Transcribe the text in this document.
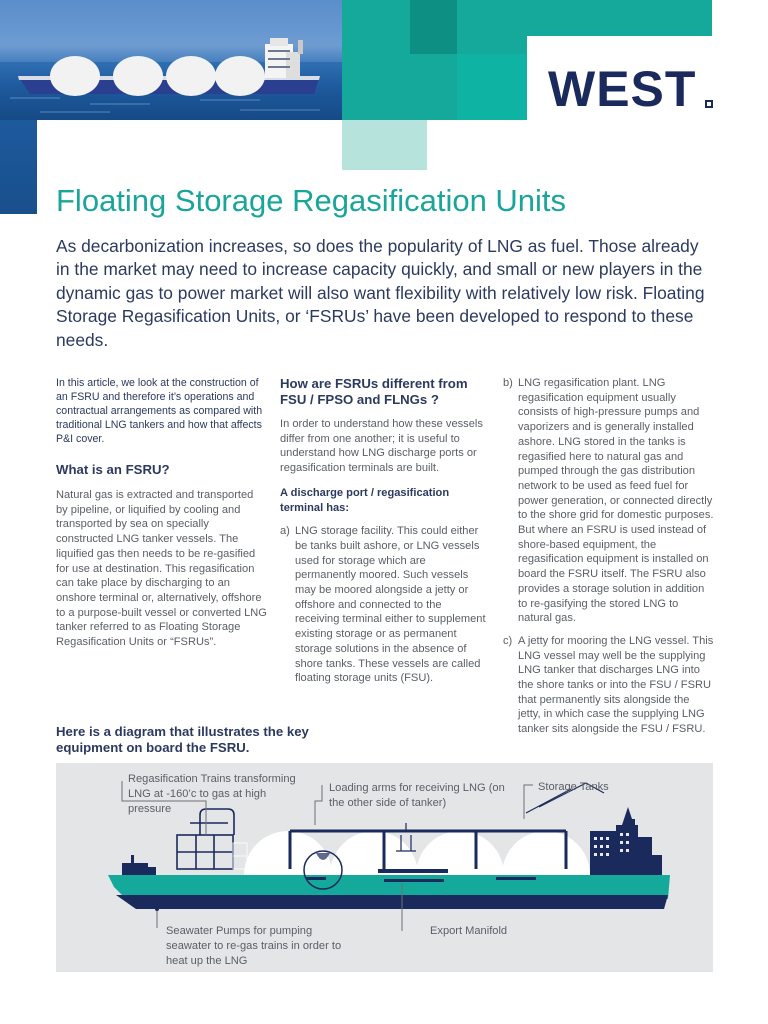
WEST
Floating Storage Regasification Units

As decarbonization increases, so does the popularity of LNG as fuel. Those already in the market may need to increase capacity quickly, and small or new players in the dynamic gas to power market will also want flexibility with relatively low risk. Floating Storage Regasification Units, or ‘FSRUs’ have been developed to respond to these needs.

In this article, we look at the construction of an FSRU and therefore it’s operations and contractual arrangements as compared with traditional LNG tankers and how that affects P&I cover.

What is an FSRU?

Natural gas is extracted and transported by pipeline, or liquified by cooling and transported by sea on specially constructed LNG tanker vessels. The liquified gas then needs to be re-gasified for use at destination. This regasification can take place by discharging to an onshore terminal or, alternatively, offshore to a purpose-built vessel or converted LNG tanker referred to as Floating Storage Regasification Units or “FSRUs”.

How are FSRUs different from FSU / FPSO and FLNGs ?

In order to understand how these vessels differ from one another; it is useful to understand how LNG discharge ports or regasification terminals are built.

A discharge port / regasification terminal has:

a) LNG storage facility. This could either be tanks built ashore, or LNG vessels used for storage which are permanently moored. Such vessels may be moored alongside a jetty or offshore and connected to the receiving terminal either to supplement existing storage or as permanent storage solutions in the absence of shore tanks. These vessels are called floating storage units (FSU).
b) LNG regasification plant. LNG regasification equipment usually consists of high-pressure pumps and vaporizers and is generally installed ashore. LNG stored in the tanks is regasified here to natural gas and pumped through the gas distribution network to be used as feed fuel for power generation, or connected directly to the shore grid for domestic purposes. But where an FSRU is used instead of shore-based equipment, the regasification equipment is installed on board the FSRU itself. The FSRU also provides a storage solution in addition to re-gasifying the stored LNG to natural gas.
c) A jetty for mooring the LNG vessel. This LNG vessel may well be the supplying LNG tanker that discharges LNG into the shore tanks or into the FSU / FSRU that permanently sits alongside the jetty, in which case the supplying LNG tanker sits alongside the FSU / FSRU.

Here is a diagram that illustrates the key equipment on board the FSRU.

Regasification Trains transforming LNG at -160’c to gas at high pressure
Loading arms for receiving LNG (on the other side of tanker)
Storage Tanks
Seawater Pumps for pumping seawater to re-gas trains in order to heat up the LNG
Export Manifold
